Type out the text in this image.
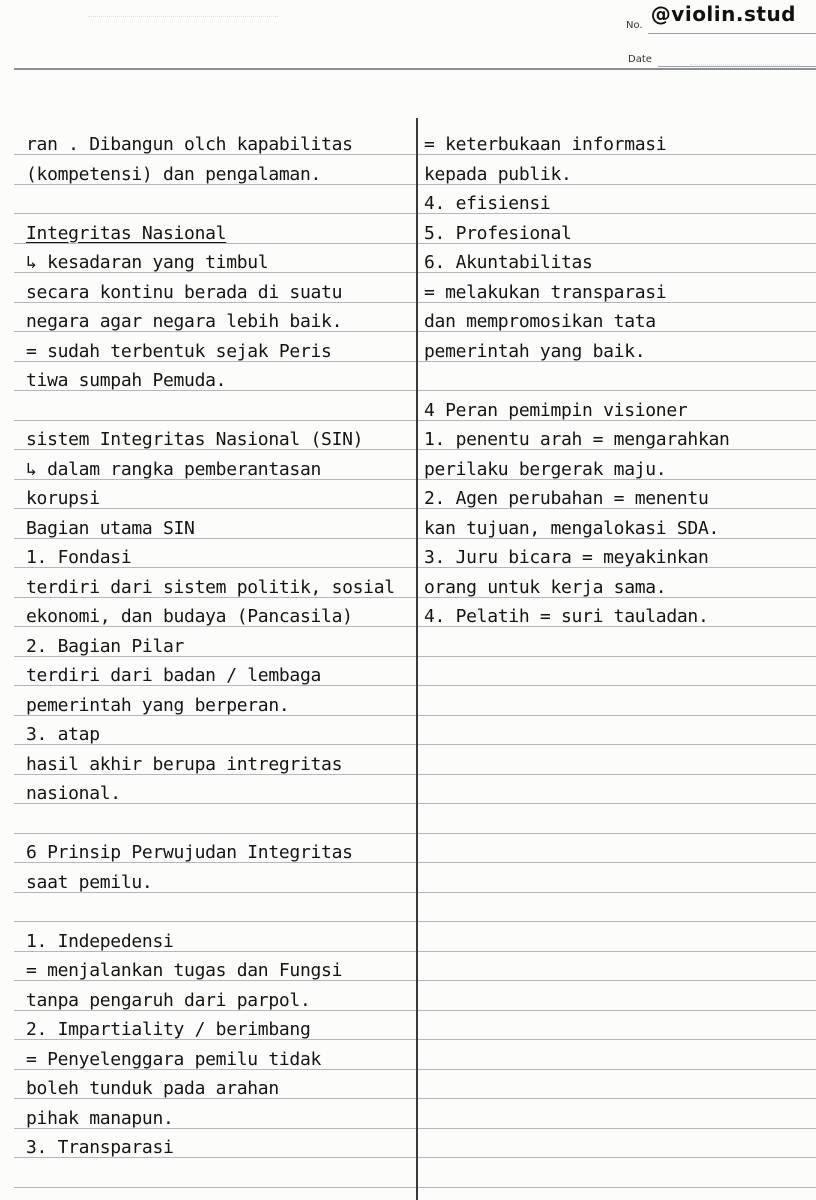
@violin.stud
No.
Date
ran . Dibangun olch kapabilitas
(kompetensi) dan pengalaman.
Integritas Nasional
↳ kesadaran yang timbul
secara kontinu berada di suatu
negara agar negara lebih baik.
= sudah terbentuk sejak Peris
tiwa sumpah Pemuda.
sistem Integritas Nasional (SIN)
↳ dalam rangka pemberantasan
korupsi
Bagian utama SIN
1. Fondasi
terdiri dari sistem politik, sosial
ekonomi, dan budaya (Pancasila)
2. Bagian Pilar
terdiri dari badan / lembaga
pemerintah yang berperan.
3. atap
hasil akhir berupa intregritas
nasional.
6 Prinsip Perwujudan Integritas
saat pemilu.
1. Indepedensi
= menjalankan tugas dan Fungsi
tanpa pengaruh dari parpol.
2. Impartiality / berimbang
= Penyelenggara pemilu tidak
boleh tunduk pada arahan
pihak manapun.
3. Transparasi
= keterbukaan informasi
kepada publik.
4. efisiensi
5. Profesional
6. Akuntabilitas
= melakukan transparasi
dan mempromosikan tata
pemerintah yang baik.
4 Peran pemimpin visioner
1. penentu arah = mengarahkan
perilaku bergerak maju.
2. Agen perubahan = menentu
kan tujuan, mengalokasi SDA.
3. Juru bicara = meyakinkan
orang untuk kerja sama.
4. Pelatih = suri tauladan.
